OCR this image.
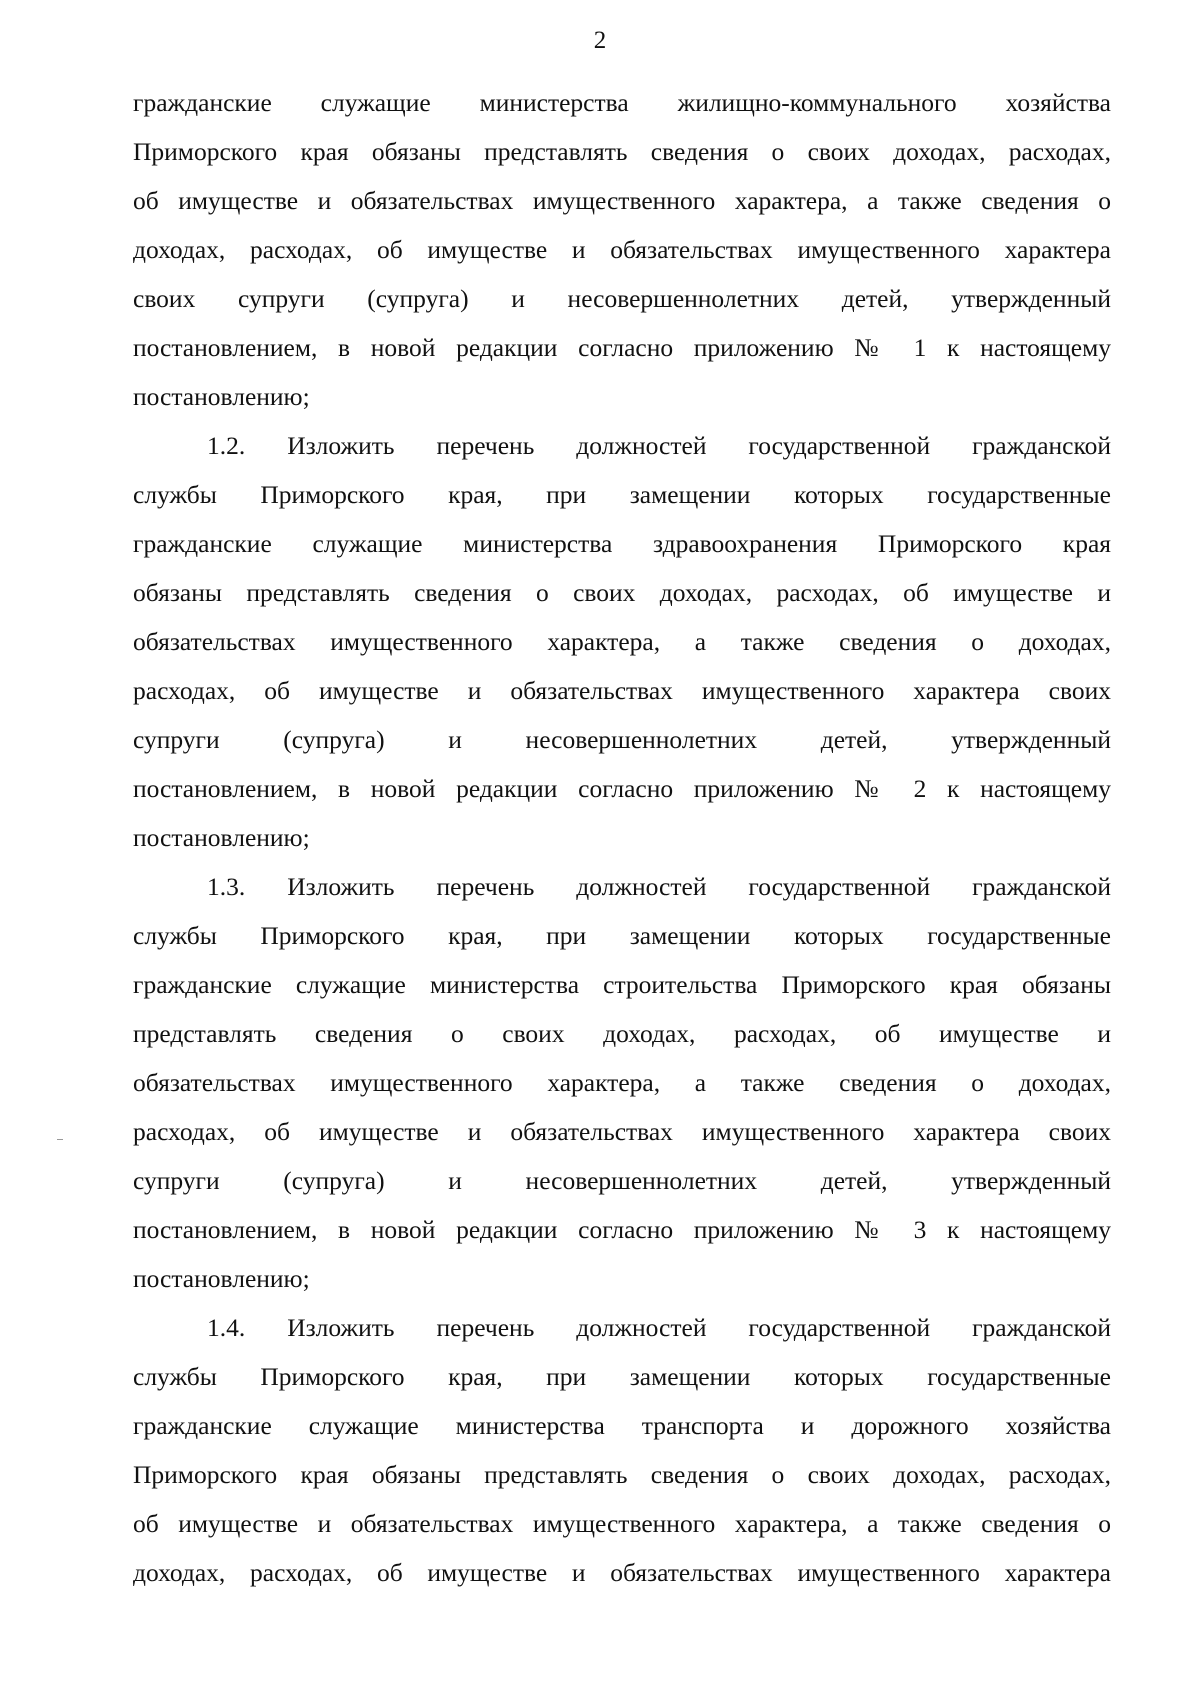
2

гражданские служащие министерства жилищно-коммунального хозяйства
Приморского края обязаны представлять сведения о своих доходах, расходах,
об имуществе и обязательствах имущественного характера, а также сведения о
доходах, расходах, об имуществе и обязательствах имущественного характера
своих супруги (супруга) и несовершеннолетних детей, утвержденный
постановлением, в новой редакции согласно приложению № 1 к настоящему
постановлению;

1.2. Изложить перечень должностей государственной гражданской
службы Приморского края, при замещении которых государственные
гражданские служащие министерства здравоохранения Приморского края
обязаны представлять сведения о своих доходах, расходах, об имуществе и
обязательствах имущественного характера, а также сведения о доходах,
расходах, об имуществе и обязательствах имущественного характера своих
супруги (супруга) и несовершеннолетних детей, утвержденный
постановлением, в новой редакции согласно приложению № 2 к настоящему
постановлению;

1.3. Изложить перечень должностей государственной гражданской
службы Приморского края, при замещении которых государственные
гражданские служащие министерства строительства Приморского края обязаны
представлять сведения о своих доходах, расходах, об имуществе и
обязательствах имущественного характера, а также сведения о доходах,
расходах, об имуществе и обязательствах имущественного характера своих
супруги (супруга) и несовершеннолетних детей, утвержденный
постановлением, в новой редакции согласно приложению № 3 к настоящему
постановлению;

1.4. Изложить перечень должностей государственной гражданской
службы Приморского края, при замещении которых государственные
гражданские служащие министерства транспорта и дорожного хозяйства
Приморского края обязаны представлять сведения о своих доходах, расходах,
об имуществе и обязательствах имущественного характера, а также сведения о
доходах, расходах, об имуществе и обязательствах имущественного характера
